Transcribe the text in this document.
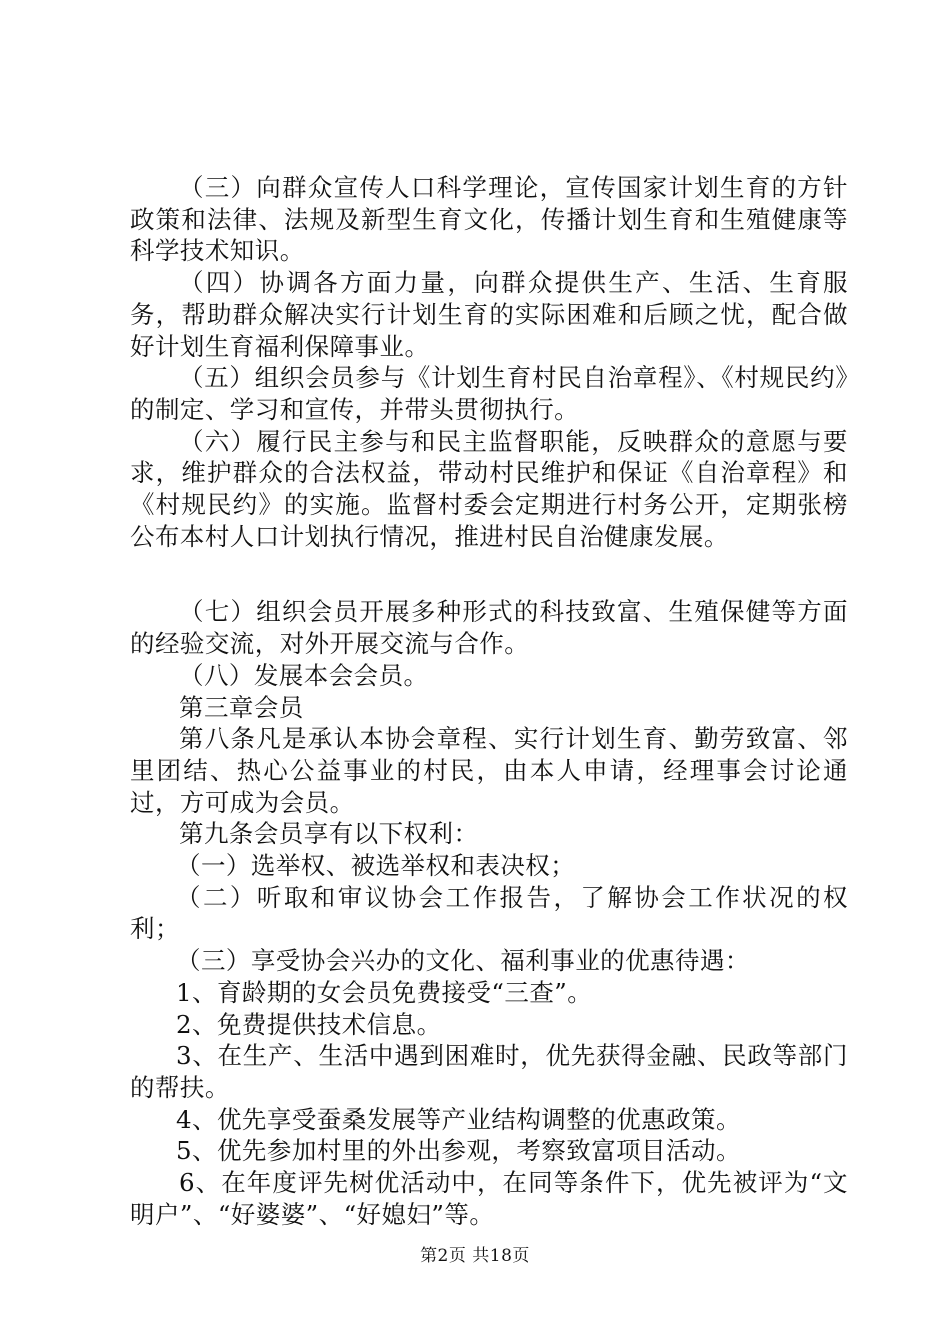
（三）向群众宣传人口科学理论，宣传国家计划生育的方针政策和法律、法规及新型生育文化，传播计划生育和生殖健康等科学技术知识。

（四）协调各方面力量，向群众提供生产、生活、生育服务，帮助群众解决实行计划生育的实际困难和后顾之忧，配合做好计划生育福利保障事业。

（五）组织会员参与《计划生育村民自治章程》、《村规民约》的制定、学习和宣传，并带头贯彻执行。

（六）履行民主参与和民主监督职能，反映群众的意愿与要求，维护群众的合法权益，带动村民维护和保证《自治章程》和《村规民约》的实施。监督村委会定期进行村务公开，定期张榜公布本村人口计划执行情况，推进村民自治健康发展。

（七）组织会员开展多种形式的科技致富、生殖保健等方面的经验交流，对外开展交流与合作。

（八）发展本会会员。

第三章会员

第八条凡是承认本协会章程、实行计划生育、勤劳致富、邻里团结、热心公益事业的村民，由本人申请，经理事会讨论通过，方可成为会员。

第九条会员享有以下权利：

（一）选举权、被选举权和表决权；

（二）听取和审议协会工作报告，了解协会工作状况的权利；

（三）享受协会兴办的文化、福利事业的优惠待遇：

1、育龄期的女会员免费接受“三查”。

2、免费提供技术信息。

3、在生产、生活中遇到困难时，优先获得金融、民政等部门的帮扶。

4、优先享受蚕桑发展等产业结构调整的优惠政策。

5、优先参加村里的外出参观，考察致富项目活动。

6、在年度评先树优活动中，在同等条件下，优先被评为“文明户”、“好婆婆”、“好媳妇”等。

第2页 共18页
